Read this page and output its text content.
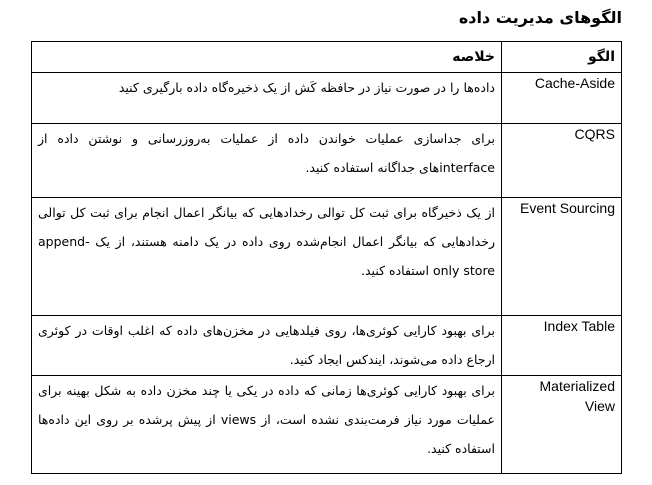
الگوهای مدیریت داده
الگو	خلاصه
Cache-Aside	داده‌ها را در صورت نیاز در حافظه کَش از یک ذخیره‌گاه داده بارگیری کنید
CQRS	برای جداسازی عملیات خواندن داده از عملیات به‌روزرسانی و نوشتن داده از interfaceهای جداگانه استفاده کنید.
Event Sourcing	از یک ذخیرگاه برای ثبت کل توالی رخدادهایی که بیانگر اعمال انجام برای ثبت کل توالی رخدادهایی که بیانگر اعمال انجام‌شده روی داده در یک دامنه هستند، از یک append-only store استفاده کنید.
Index Table	برای بهبود کارایی کوئری‌ها، روی فیلدهایی در مخزن‌های داده که اغلب اوقات در کوئری ارجاع داده می‌شوند، ایندکس ایجاد کنید.
Materialized View	برای بهبود کارایی کوئری‌ها زمانی که داده در یکی یا چند مخزن داده به شکل بهینه برای عملیات مورد نیاز فرمت‌بندی نشده است، از views از پیش پرشده بر روی این داده‌ها استفاده کنید.
